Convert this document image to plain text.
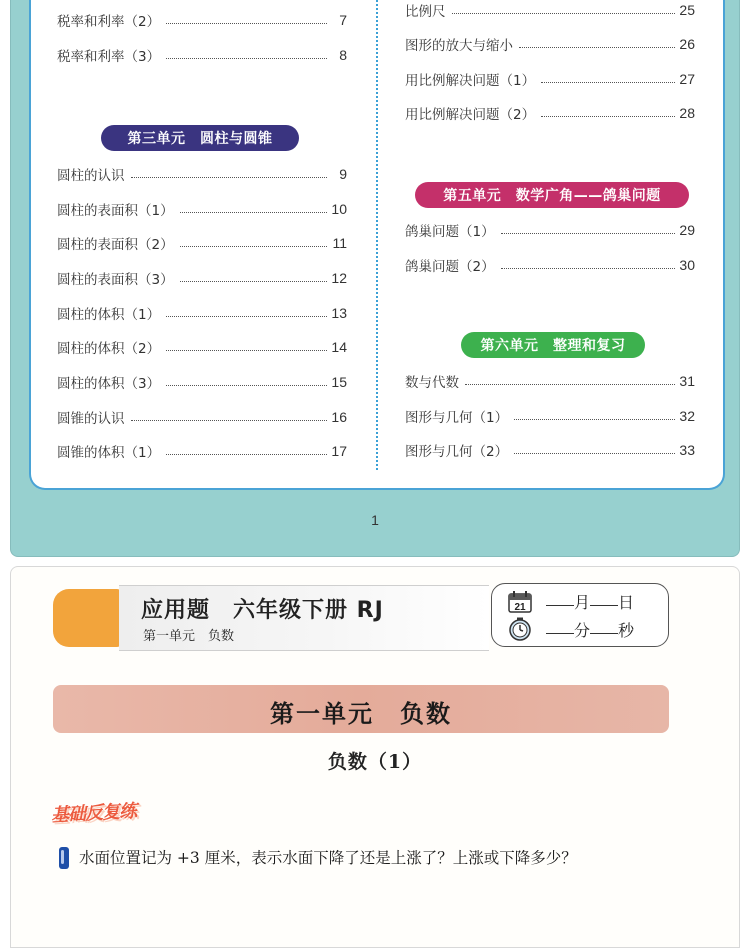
税率和利率（2）	7
税率和利率（3）	8
第三单元　圆柱与圆锥
圆柱的认识	9
圆柱的表面积（1）	10
圆柱的表面积（2）	11
圆柱的表面积（3）	12
圆柱的体积（1）	13
圆柱的体积（2）	14
圆柱的体积（3）	15
圆锥的认识	16
圆锥的体积（1）	17
比例尺	25
图形的放大与缩小	26
用比例解决问题（1）	27
用比例解决问题（2）	28
第五单元　数学广角——鸽巢问题
鸽巢问题（1）	29
鸽巢问题（2）	30
第六单元　整理和复习
数与代数	31
图形与几何（1）	32
图形与几何（2）	33
1
应用题　六年级下册 RJ
第一单元　负数
21	月 日
分 秒
第一单元　负数
负数（1）
基础反复练
水面位置记为 +3 厘米，表示水面下降了还是上涨了？上涨或下降多少？
